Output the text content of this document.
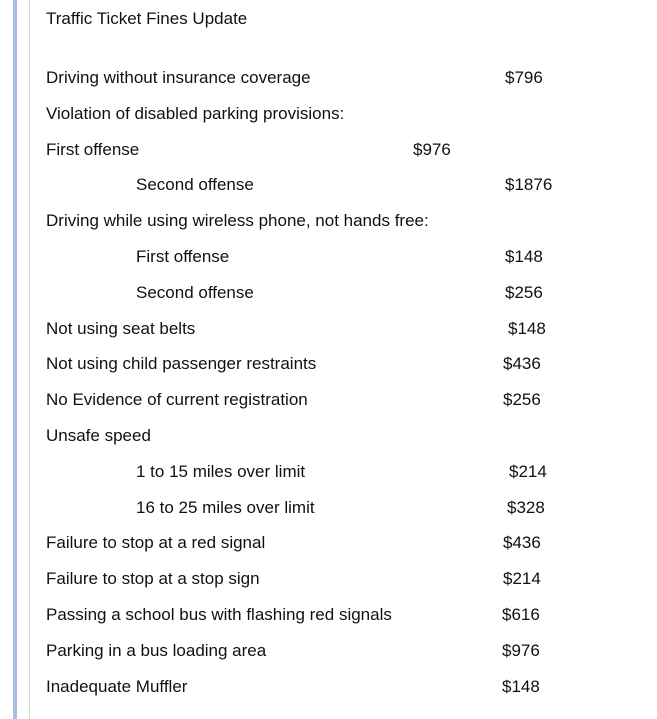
Traffic Ticket Fines Update
Driving without insurance coverage	$796
Violation of disabled parking provisions:
First offense	$976
Second offense	$1876
Driving while using wireless phone, not hands free:
First offense	$148
Second offense	$256
Not using seat belts	$148
Not using child passenger restraints	$436
No Evidence of current registration	$256
Unsafe speed
1 to 15 miles over limit	$214
16 to 25 miles over limit	$328
Failure to stop at a red signal	$436
Failure to stop at a stop sign	$214
Passing a school bus with flashing red signals	$616
Parking in a bus loading area	$976
Inadequate Muffler	$148
